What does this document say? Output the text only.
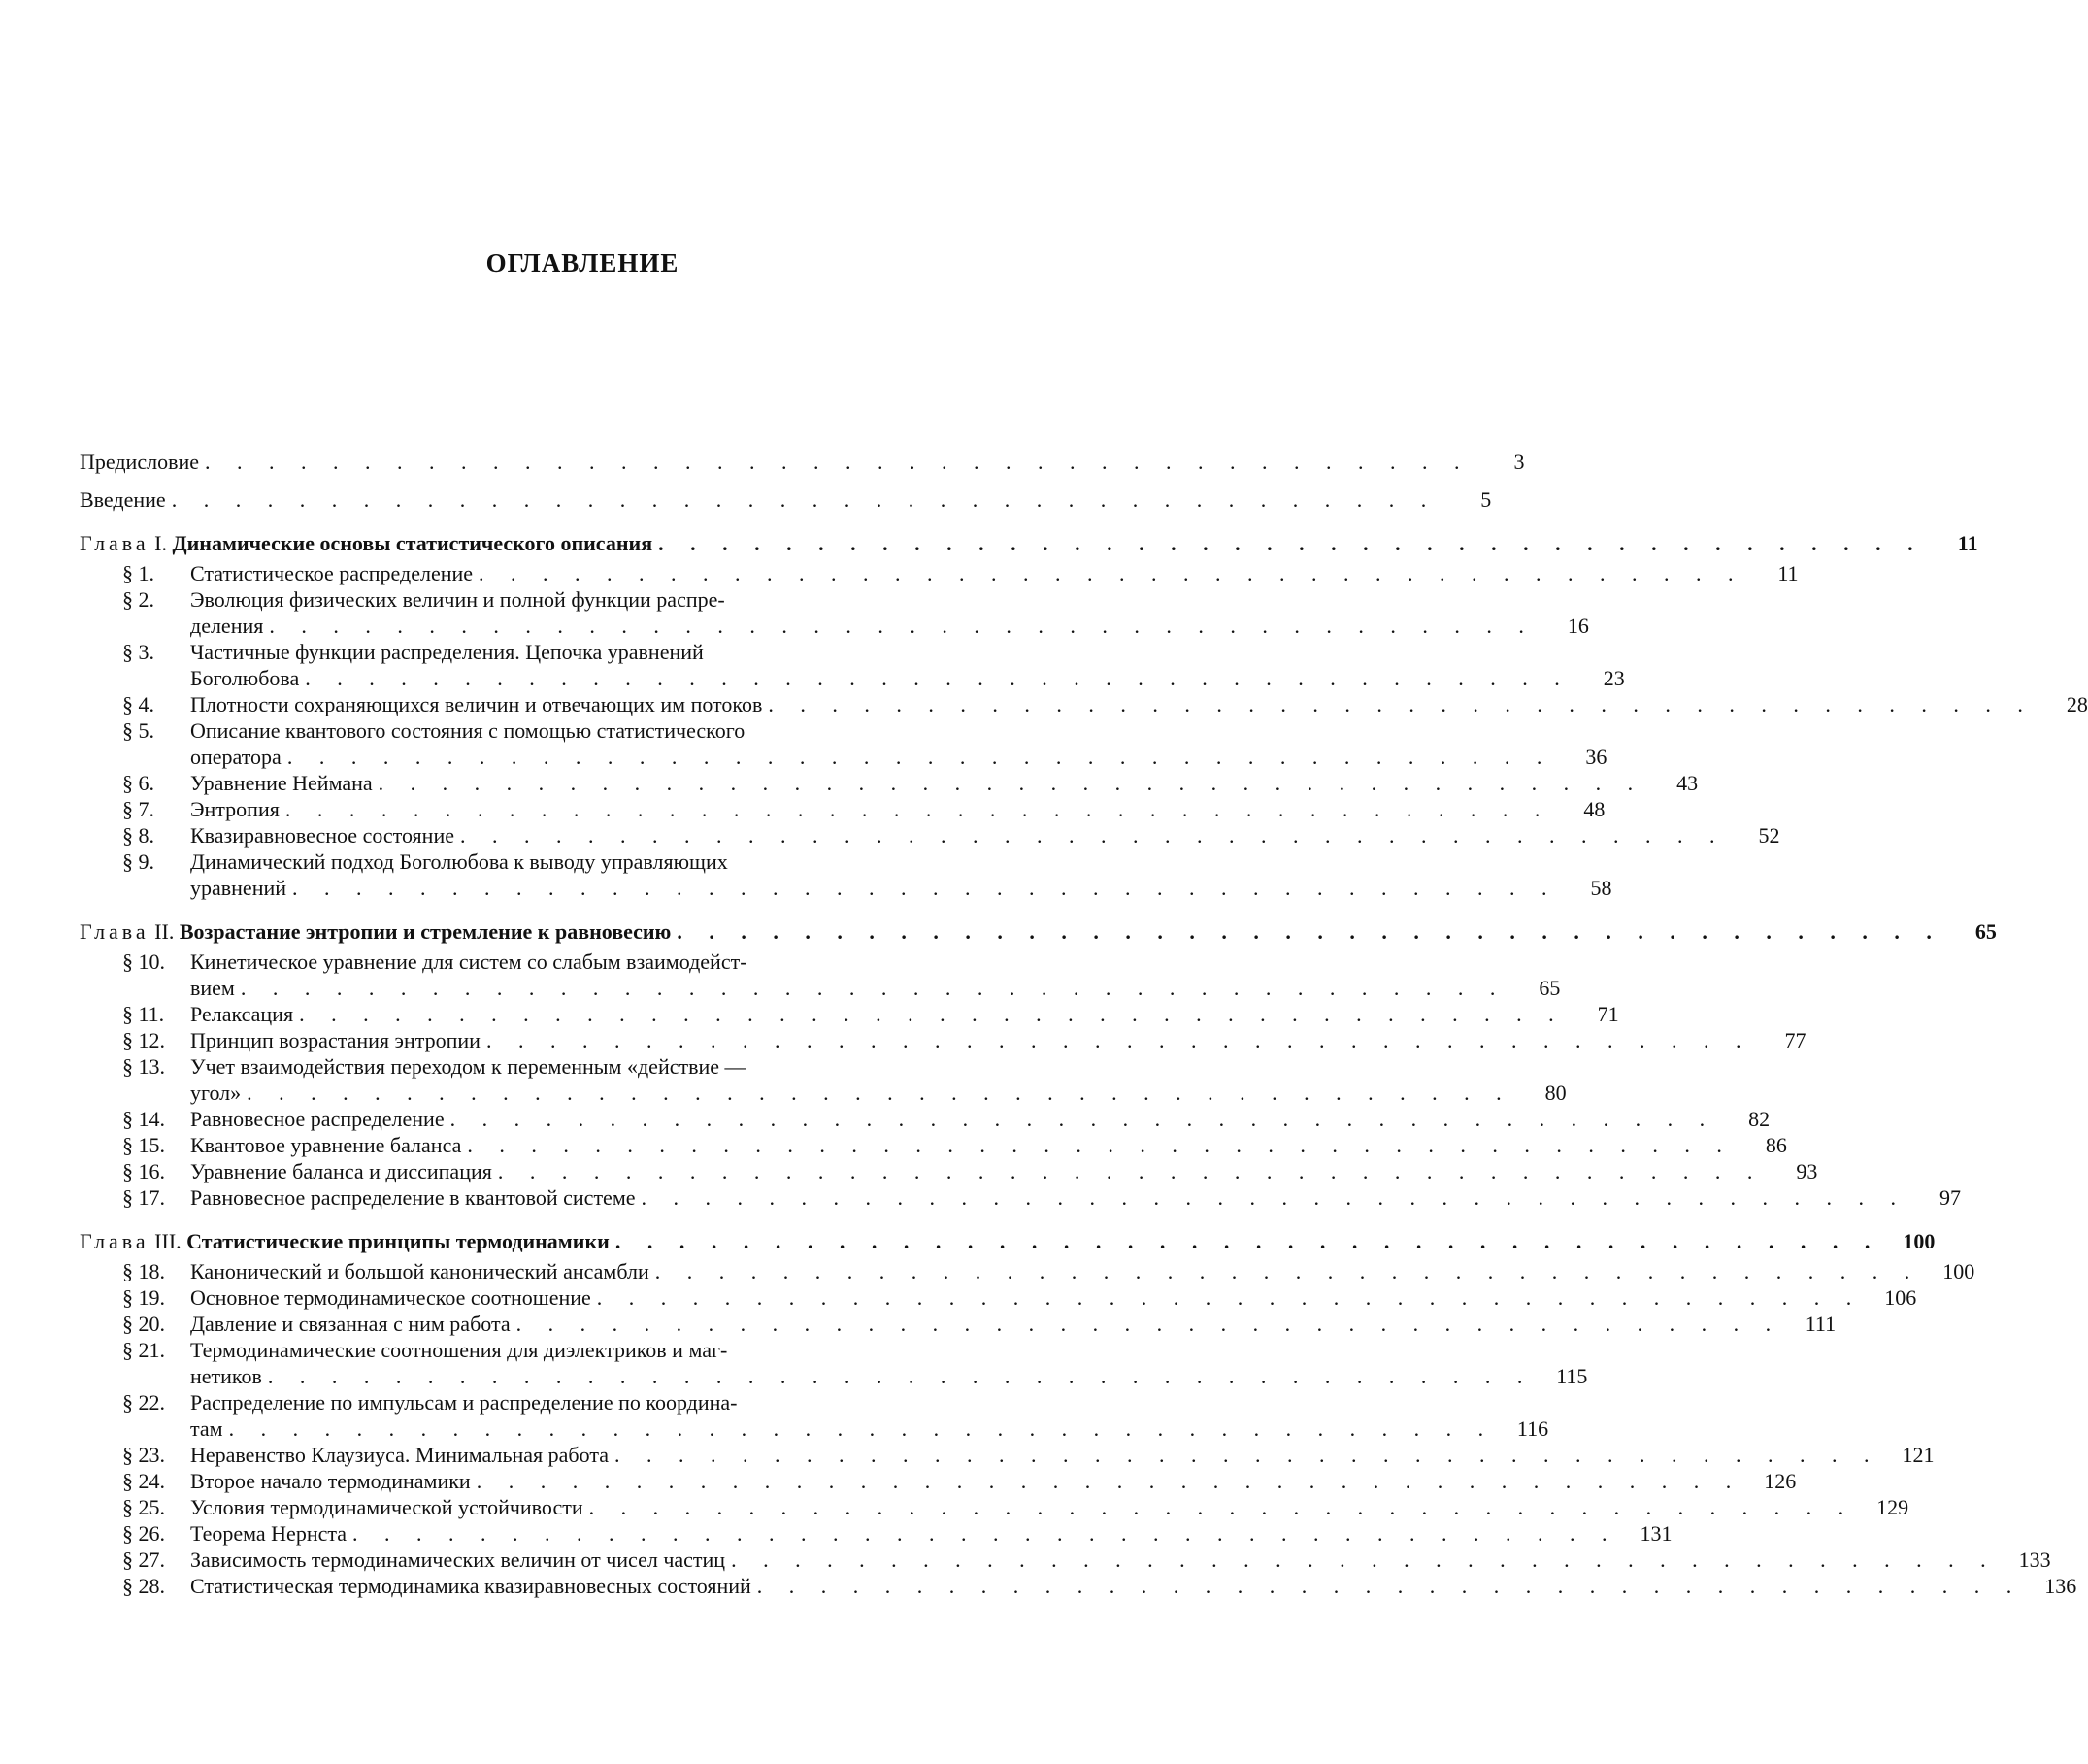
ОГЛАВЛЕНИЕ
Предисловие . . . . . . . . . . . . . . . . . . . . . . . . . . . . . . . . . . . . . . . .	3
Введение . . . . . . . . . . . . . . . . . . . . . . . . . . . . . . . . . . . . . . . .	5
Глава I. Динамические основы статистического описания . . . . . . . . . . . . . . . . . . . . . . . . . . . . . . . . . . . . . . . .	11
§ 1. Статистическое распределение . . . . . . . . . . . . . . . . . . . . . . . . . . . . . . . . . . . . . . . .	11
§ 2. Эволюция физических величин и полной функции распре-
деления . . . . . . . . . . . . . . . . . . . . . . . . . . . . . . . . . . . . . . . .	16
§ 3. Частичные функции распределения. Цепочка уравнений
Боголюбова . . . . . . . . . . . . . . . . . . . . . . . . . . . . . . . . . . . . . . . .	23
§ 4. Плотности сохраняющихся величин и отвечающих им потоков . . . . . . . . . . . . . . . . . . . . . . . . . . . . . . . . . . . . . . . .	28
§ 5. Описание квантового состояния с помощью статистического
оператора . . . . . . . . . . . . . . . . . . . . . . . . . . . . . . . . . . . . . . . .	36
§ 6. Уравнение Неймана . . . . . . . . . . . . . . . . . . . . . . . . . . . . . . . . . . . . . . . .	43
§ 7. Энтропия . . . . . . . . . . . . . . . . . . . . . . . . . . . . . . . . . . . . . . . .	48
§ 8. Квазиравновесное состояние . . . . . . . . . . . . . . . . . . . . . . . . . . . . . . . . . . . . . . . .	52
§ 9. Динамический подход Боголюбова к выводу управляющих
уравнений . . . . . . . . . . . . . . . . . . . . . . . . . . . . . . . . . . . . . . . .	58
Глава II. Возрастание энтропии и стремление к равновесию . . . . . . . . . . . . . . . . . . . . . . . . . . . . . . . . . . . . . . . .	65
§ 10. Кинетическое уравнение для систем со слабым взаимодейст-
вием . . . . . . . . . . . . . . . . . . . . . . . . . . . . . . . . . . . . . . . .	65
§ 11. Релаксация . . . . . . . . . . . . . . . . . . . . . . . . . . . . . . . . . . . . . . . .	71
§ 12. Принцип возрастания энтропии . . . . . . . . . . . . . . . . . . . . . . . . . . . . . . . . . . . . . . . .	77
§ 13. Учет взаимодействия переходом к переменным «действие —
угол» . . . . . . . . . . . . . . . . . . . . . . . . . . . . . . . . . . . . . . . .	80
§ 14. Равновесное распределение . . . . . . . . . . . . . . . . . . . . . . . . . . . . . . . . . . . . . . . .	82
§ 15. Квантовое уравнение баланса . . . . . . . . . . . . . . . . . . . . . . . . . . . . . . . . . . . . . . . .	86
§ 16. Уравнение баланса и диссипация . . . . . . . . . . . . . . . . . . . . . . . . . . . . . . . . . . . . . . . .	93
§ 17. Равновесное распределение в квантовой системе . . . . . . . . . . . . . . . . . . . . . . . . . . . . . . . . . . . . . . . .	97
Глава III. Статистические принципы термодинамики . . . . . . . . . . . . . . . . . . . . . . . . . . . . . . . . . . . . . . . .	100
§ 18. Канонический и большой канонический ансамбли . . . . . . . . . . . . . . . . . . . . . . . . . . . . . . . . . . . . . . . .	100
§ 19. Основное термодинамическое соотношение . . . . . . . . . . . . . . . . . . . . . . . . . . . . . . . . . . . . . . . .	106
§ 20. Давление и связанная с ним работа . . . . . . . . . . . . . . . . . . . . . . . . . . . . . . . . . . . . . . . .	111
§ 21. Термодинамические соотношения для диэлектриков и маг-
нетиков . . . . . . . . . . . . . . . . . . . . . . . . . . . . . . . . . . . . . . . .	115
§ 22. Распределение по импульсам и распределение по координа-
там . . . . . . . . . . . . . . . . . . . . . . . . . . . . . . . . . . . . . . . .	116
§ 23. Неравенство Клаузиуса. Минимальная работа . . . . . . . . . . . . . . . . . . . . . . . . . . . . . . . . . . . . . . . .	121
§ 24. Второе начало термодинамики . . . . . . . . . . . . . . . . . . . . . . . . . . . . . . . . . . . . . . . .	126
§ 25. Условия термодинамической устойчивости . . . . . . . . . . . . . . . . . . . . . . . . . . . . . . . . . . . . . . . .	129
§ 26. Теорема Нернста . . . . . . . . . . . . . . . . . . . . . . . . . . . . . . . . . . . . . . . .	131
§ 27. Зависимость термодинамических величин от чисел частиц . . . . . . . . . . . . . . . . . . . . . . . . . . . . . . . . . . . . . . . .	133
§ 28. Статистическая термодинамика квазиравновесных состояний . . . . . . . . . . . . . . . . . . . . . . . . . . . . . . . . . . . . . . . .	136
